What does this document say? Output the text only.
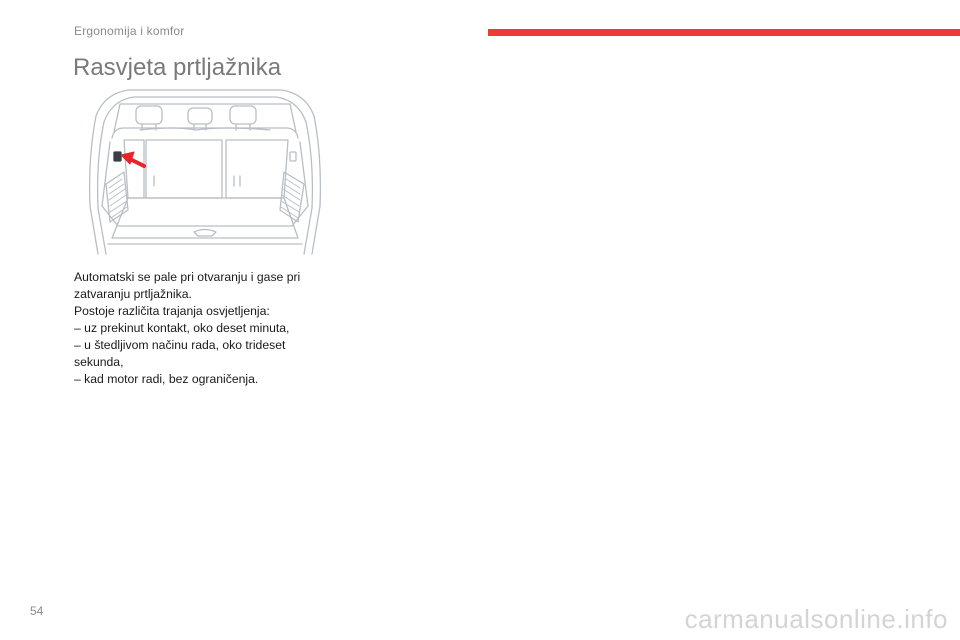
Ergonomija i komfor
Rasvjeta prtljažnika

Automatski se pale pri otvaranju i gase pri zatvaranju prtljažnika.

Postoje različita trajanja osvjetljenja:

– uz prekinut kontakt, oko deset minuta,

– u štedljivom načinu rada, oko trideset sekunda,

– kad motor radi, bez ograničenja.

54	carmanualsonline.info
